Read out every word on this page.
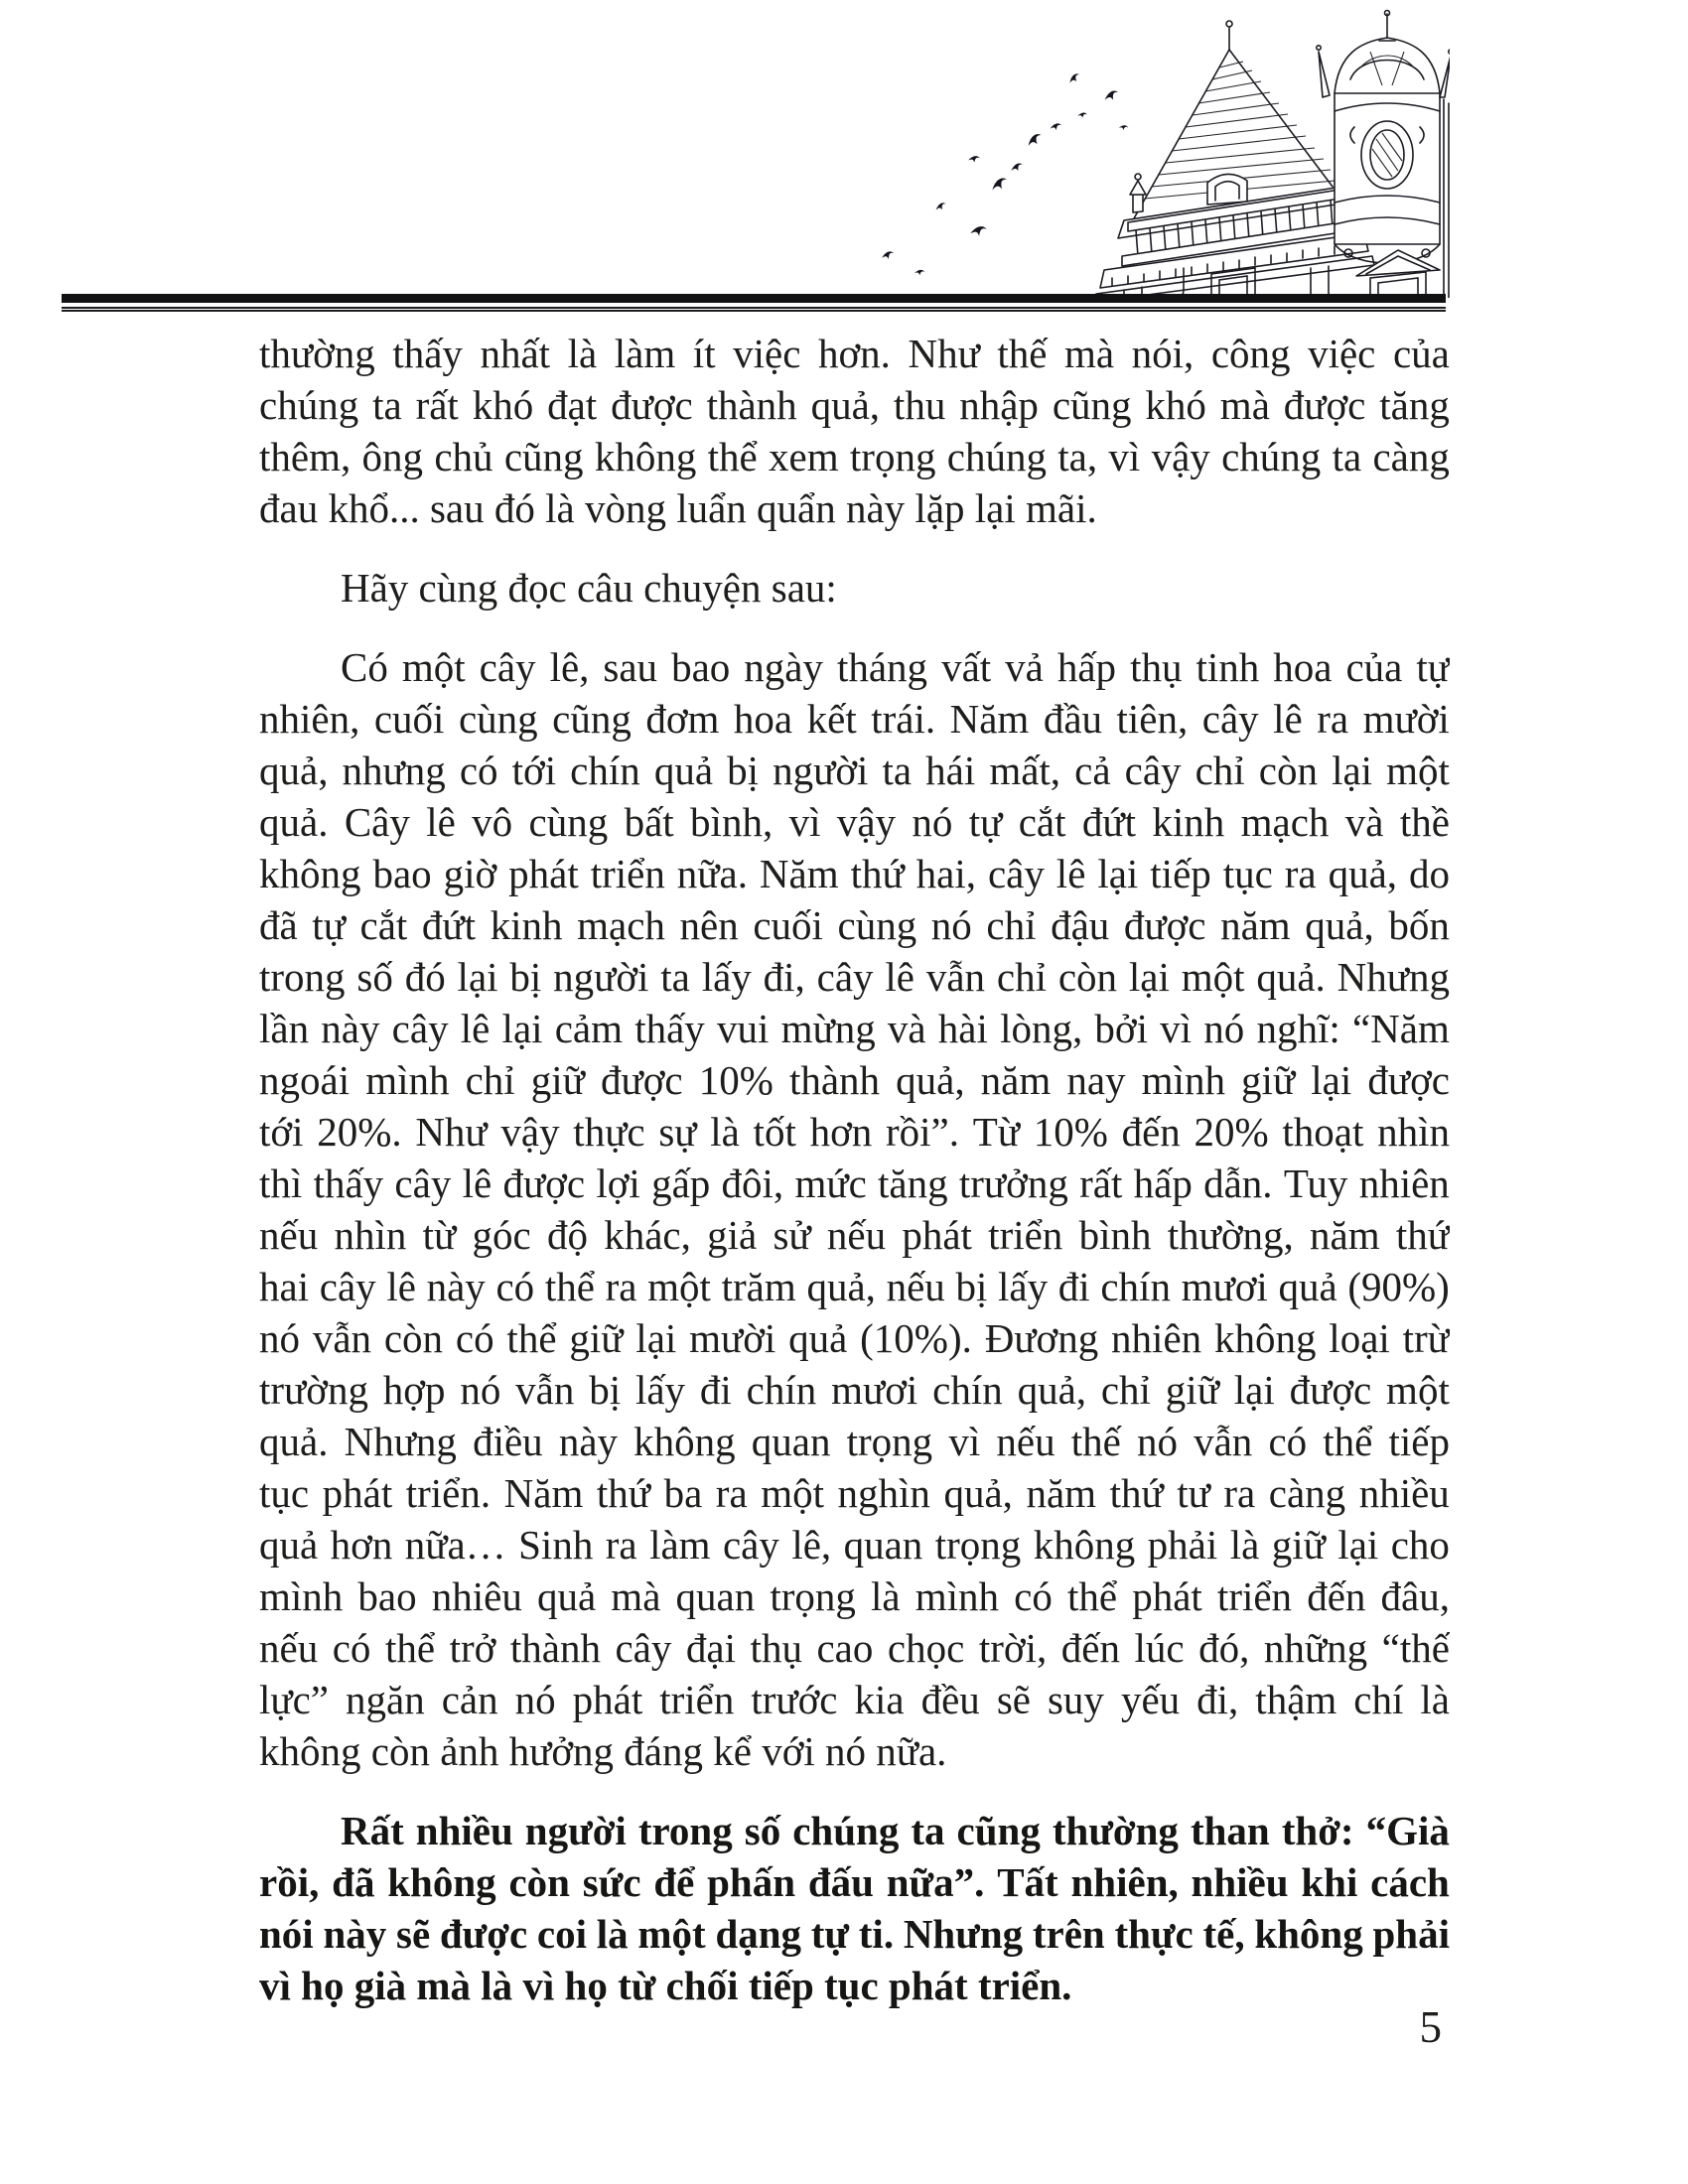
thường thấy nhất là làm ít việc hơn. Như thế mà nói, công việc của
chúng ta rất khó đạt được thành quả, thu nhập cũng khó mà được tăng
thêm, ông chủ cũng không thể xem trọng chúng ta, vì vậy chúng ta càng
đau khổ... sau đó là vòng luẩn quẩn này lặp lại mãi.
Hãy cùng đọc câu chuyện sau:
Có một cây lê, sau bao ngày tháng vất vả hấp thụ tinh hoa của tự
nhiên, cuối cùng cũng đơm hoa kết trái. Năm đầu tiên, cây lê ra mười
quả, nhưng có tới chín quả bị người ta hái mất, cả cây chỉ còn lại một
quả. Cây lê vô cùng bất bình, vì vậy nó tự cắt đứt kinh mạch và thề
không bao giờ phát triển nữa. Năm thứ hai, cây lê lại tiếp tục ra quả, do
đã tự cắt đứt kinh mạch nên cuối cùng nó chỉ đậu được năm quả, bốn
trong số đó lại bị người ta lấy đi, cây lê vẫn chỉ còn lại một quả. Nhưng
lần này cây lê lại cảm thấy vui mừng và hài lòng, bởi vì nó nghĩ: “Năm
ngoái mình chỉ giữ được 10% thành quả, năm nay mình giữ lại được
tới 20%. Như vậy thực sự là tốt hơn rồi”. Từ 10% đến 20% thoạt nhìn
thì thấy cây lê được lợi gấp đôi, mức tăng trưởng rất hấp dẫn. Tuy nhiên
nếu nhìn từ góc độ khác, giả sử nếu phát triển bình thường, năm thứ
hai cây lê này có thể ra một trăm quả, nếu bị lấy đi chín mươi quả (90%)
nó vẫn còn có thể giữ lại mười quả (10%). Đương nhiên không loại trừ
trường hợp nó vẫn bị lấy đi chín mươi chín quả, chỉ giữ lại được một
quả. Nhưng điều này không quan trọng vì nếu thế nó vẫn có thể tiếp
tục phát triển. Năm thứ ba ra một nghìn quả, năm thứ tư ra càng nhiều
quả hơn nữa… Sinh ra làm cây lê, quan trọng không phải là giữ lại cho
mình bao nhiêu quả mà quan trọng là mình có thể phát triển đến đâu,
nếu có thể trở thành cây đại thụ cao chọc trời, đến lúc đó, những “thế
lực” ngăn cản nó phát triển trước kia đều sẽ suy yếu đi, thậm chí là
không còn ảnh hưởng đáng kể với nó nữa.
Rất nhiều người trong số chúng ta cũng thường than thở: “Già
rồi, đã không còn sức để phấn đấu nữa”. Tất nhiên, nhiều khi cách
nói này sẽ được coi là một dạng tự ti. Nhưng trên thực tế, không phải
vì họ già mà là vì họ từ chối tiếp tục phát triển.
5
